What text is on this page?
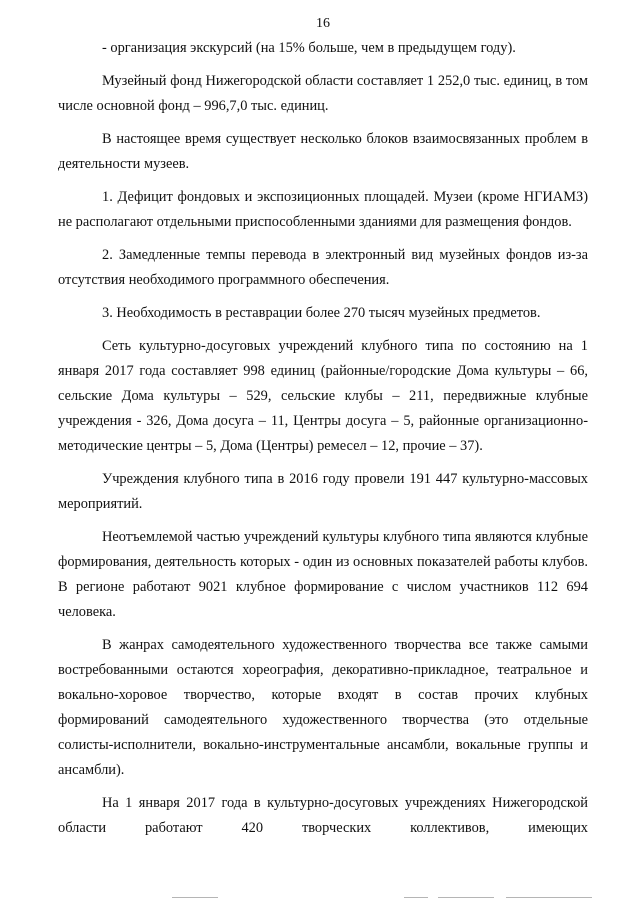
16

- организация экскурсий (на 15% больше, чем в предыдущем году).

Музейный фонд Нижегородской области составляет 1 252,0 тыс. единиц, в том числе основной фонд – 996,7,0 тыс. единиц.

В настоящее время существует несколько блоков взаимосвязанных проблем в деятельности музеев.

1. Дефицит фондовых и экспозиционных площадей. Музеи (кроме НГИАМЗ) не располагают отдельными приспособленными зданиями для размещения фондов.

2. Замедленные темпы перевода в электронный вид музейных фондов из-за отсутствия необходимого программного обеспечения.

3. Необходимость в реставрации более 270 тысяч музейных предметов.

Сеть культурно-досуговых учреждений клубного типа по состоянию на 1 января 2017 года составляет 998 единиц (районные/городские Дома культуры – 66, сельские Дома культуры – 529, сельские клубы – 211, передвижные клубные учреждения - 326, Дома досуга – 11, Центры досуга – 5, районные организационно-методические центры – 5, Дома (Центры) ремесел – 12, прочие – 37).

Учреждения клубного типа в 2016 году провели 191 447 культурно-массовых мероприятий.

Неотъемлемой частью учреждений культуры клубного типа являются клубные формирования, деятельность которых - один из основных показателей работы клубов. В регионе работают 9021 клубное формирование с числом участников 112 694 человека.

В жанрах самодеятельного художественного творчества все также самыми востребованными остаются хореография, декоративно-прикладное, театральное и вокально-хоровое творчество, которые входят в состав прочих клубных формирований самодеятельного художественного творчества (это отдельные солисты-исполнители, вокально-инструментальные ансамбли, вокальные группы и ансамбли).

На 1 января 2017 года в культурно-досуговых учреждениях Нижегородской области работают 420 творческих коллективов, имеющих
